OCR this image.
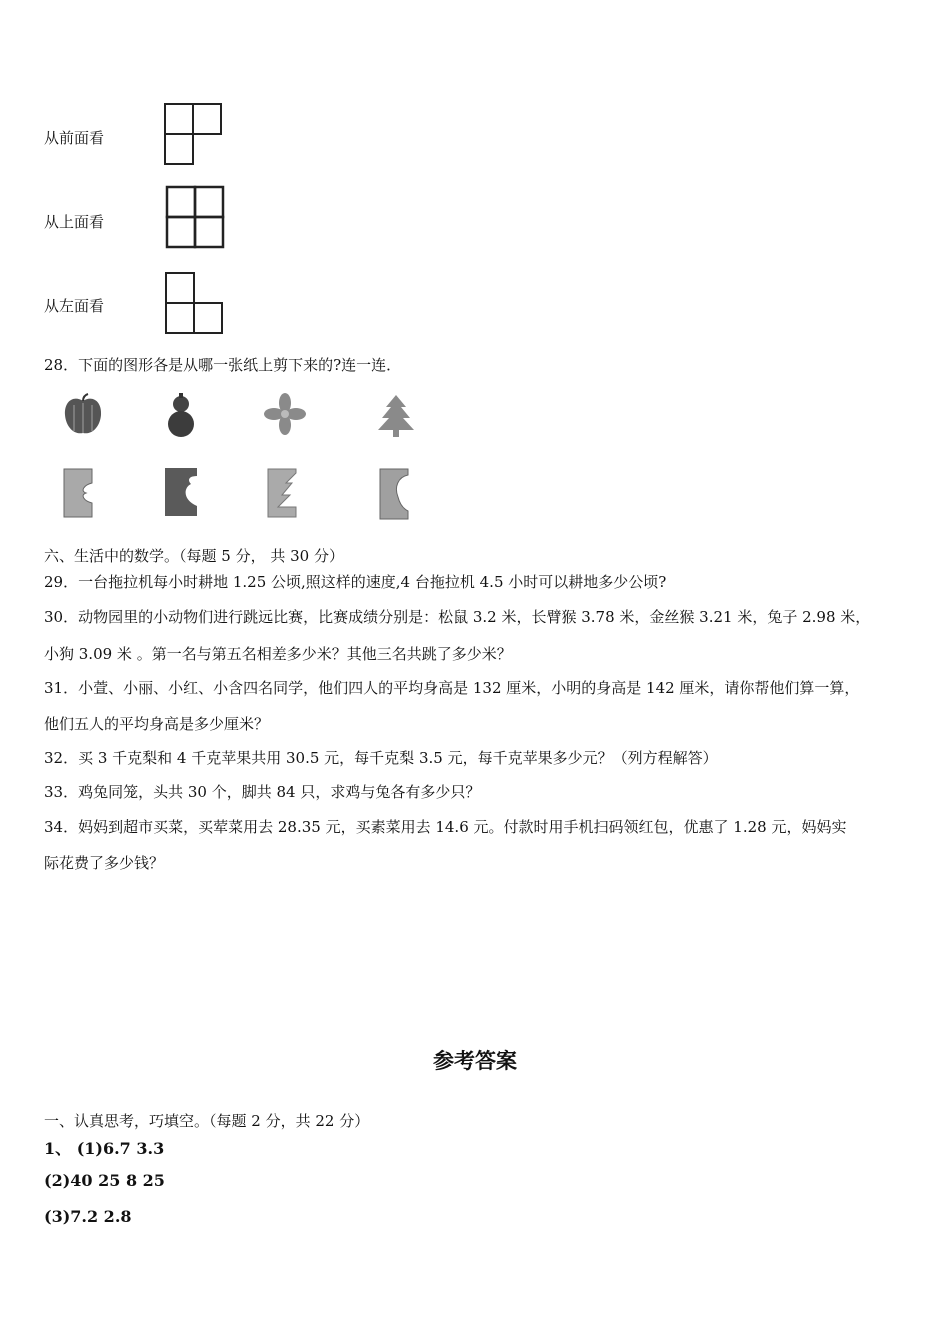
从前面看
从上面看
从左面看
28．下面的图形各是从哪一张纸上剪下来的?连一连．
六、生活中的数学。（每题 5 分， 共 30 分）
29．一台拖拉机每小时耕地 1.25 公顷,照这样的速度,4 台拖拉机 4.5 小时可以耕地多少公顷?
30．动物园里的小动物们进行跳远比赛，比赛成绩分别是：松鼠 3.2 米，长臂猴 3.78 米，金丝猴 3.21 米，兔子 2.98 米，
小狗 3.09 米 。第一名与第五名相差多少米？其他三名共跳了多少米？
31．小萱、小丽、小红、小含四名同学，他们四人的平均身高是 132 厘米，小明的身高是 142 厘米，请你帮他们算一算，
他们五人的平均身高是多少厘米？
32．买 3 千克梨和 4 千克苹果共用 30.5 元，每千克梨 3.5 元，每千克苹果多少元？（列方程解答）
33．鸡兔同笼，头共 30 个，脚共 84 只，求鸡与兔各有多少只？
34．妈妈到超市买菜，买荤菜用去 28.35 元，买素菜用去 14.6 元。付款时用手机扫码领红包，优惠了 1.28 元，妈妈实
际花费了多少钱？
参考答案
一、认真思考，巧填空。（每题 2 分，共 22 分）
1、 (1)6.7 3.3
(2)40 25 8 25
(3)7.2 2.8
